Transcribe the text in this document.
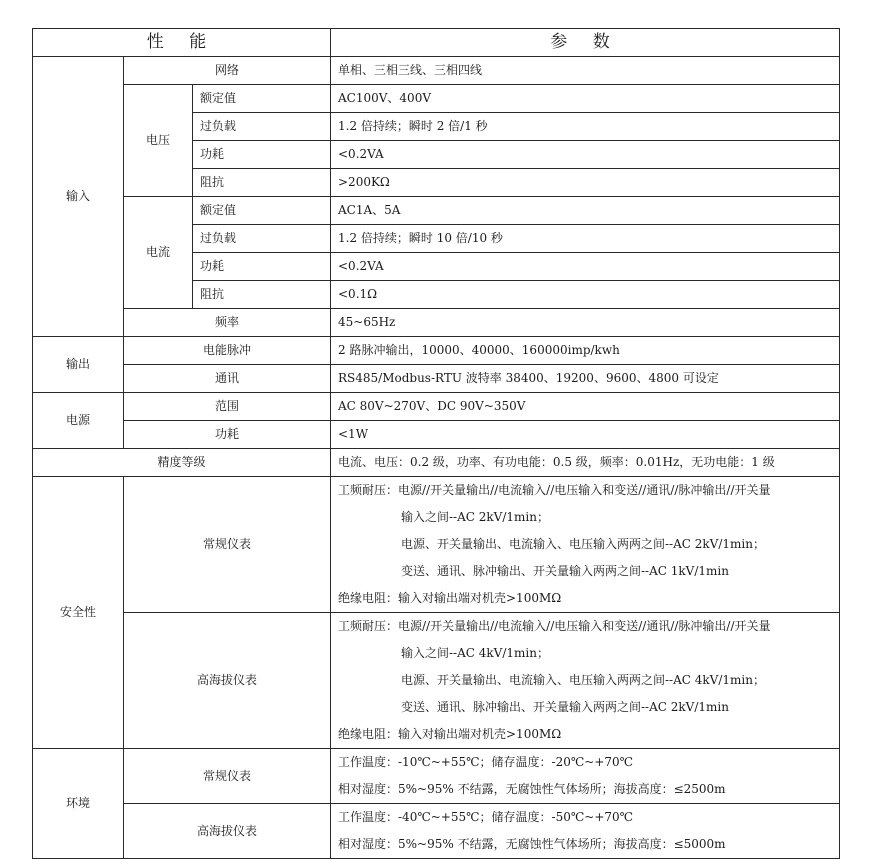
性 能			参 数
输入	网络		单相、三相三线、三相四线
	电压	额定值	AC100V、400V
		过负载	1.2 倍持续；瞬时 2 倍/1 秒
		功耗	<0.2VA
		阻抗	>200KΩ
	电流	额定值	AC1A、5A
		过负载	1.2 倍持续；瞬时 10 倍/10 秒
		功耗	<0.2VA
		阻抗	<0.1Ω
	频率		45~65Hz
输出	电能脉冲		2 路脉冲输出，10000、40000、160000imp/kwh
	通讯		RS485/Modbus-RTU 波特率 38400、19200、9600、4800 可设定
电源	范围		AC 80V~270V、DC 90V~350V
	功耗		<1W
精度等级			电流、电压：0.2 级，功率、有功电能：0.5 级，频率：0.01Hz，无功电能：1 级
安全性	常规仪表		工频耐压：电源//开关量输出//电流输入//电压输入和变送//通讯//脉冲输出//开关量
输入之间--AC 2kV/1min；
电源、开关量输出、电流输入、电压输入两两之间--AC 2kV/1min；
变送、通讯、脉冲输出、开关量输入两两之间--AC 1kV/1min
绝缘电阻：输入对输出端对机壳>100MΩ

	高海拔仪表		工频耐压：电源//开关量输出//电流输入//电压输入和变送//通讯//脉冲输出//开关量
输入之间--AC 4kV/1min；
电源、开关量输出、电流输入、电压输入两两之间--AC 4kV/1min；
变送、通讯、脉冲输出、开关量输入两两之间--AC 2kV/1min
绝缘电阻：输入对输出端对机壳>100MΩ

环境	常规仪表		工作温度：-10℃~+55℃；储存温度：-20℃~+70℃
相对湿度：5%~95% 不结露，无腐蚀性气体场所；海拔高度：≤2500m

	高海拔仪表		工作温度：-40℃~+55℃；储存温度：-50℃~+70℃
相对湿度：5%~95% 不结露，无腐蚀性气体场所；海拔高度：≤5000m
